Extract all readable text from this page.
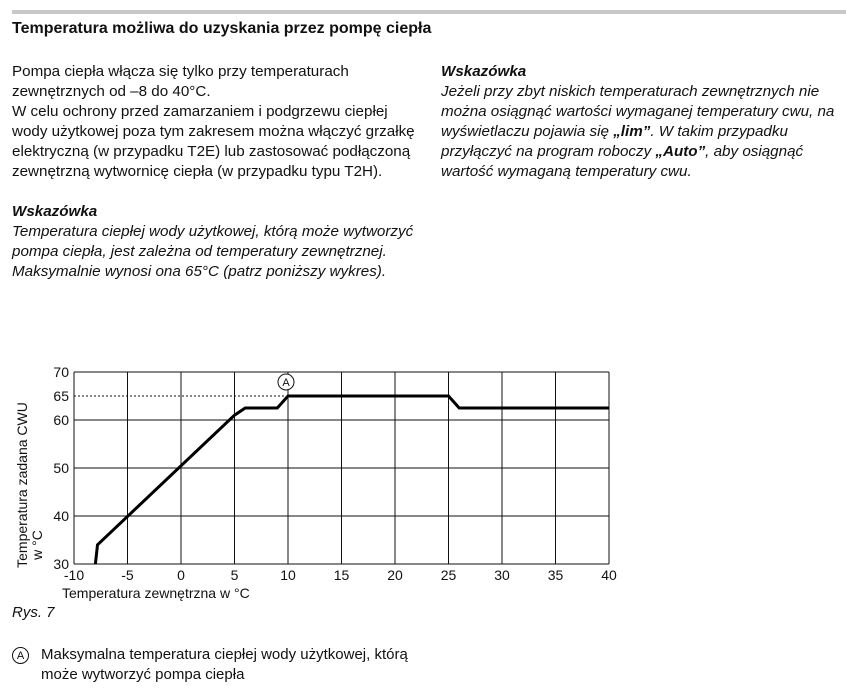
Temperatura możliwa do uzyskania przez pompę ciepła

Pompa ciepła włącza się tylko przy temperaturach zewnętrznych od –8 do 40°C.

W celu ochrony przed zamarzaniem i podgrzewu ciepłej wody użytkowej poza tym zakresem można włączyć grzałkę elektryczną (w przypadku T2E) lub zastosować podłączoną zewnętrzną wytwornicę ciepła (w przypadku typu T2H).

Wskazówka

Temperatura ciepłej wody użytkowej, którą może wytworzyć pompa ciepła, jest zależna od temperatury zewnętrznej.

Maksymalnie wynosi ona 65°C (patrz poniższy wykres).

Wskazówka

Jeżeli przy zbyt niskich temperaturach zewnętrznych nie można osiągnąć wartości wymaganej temperatury cwu, na wyświetlaczu pojawia się „lim”. W takim przypadku przyłączyć na program roboczy „Auto”, aby osiągnąć wartość wymaganą temperatury cwu.

-10	-5	0	5	10	15	20	25	30	35	40
30
40
50
60
65
70
A
Temperatura zewnętrzna w °C
Temperatura zadana CWU w °C
Rys. 7
A	Maksymalna temperatura ciepłej wody użytkowej, którą może wytworzyć pompa ciepła
